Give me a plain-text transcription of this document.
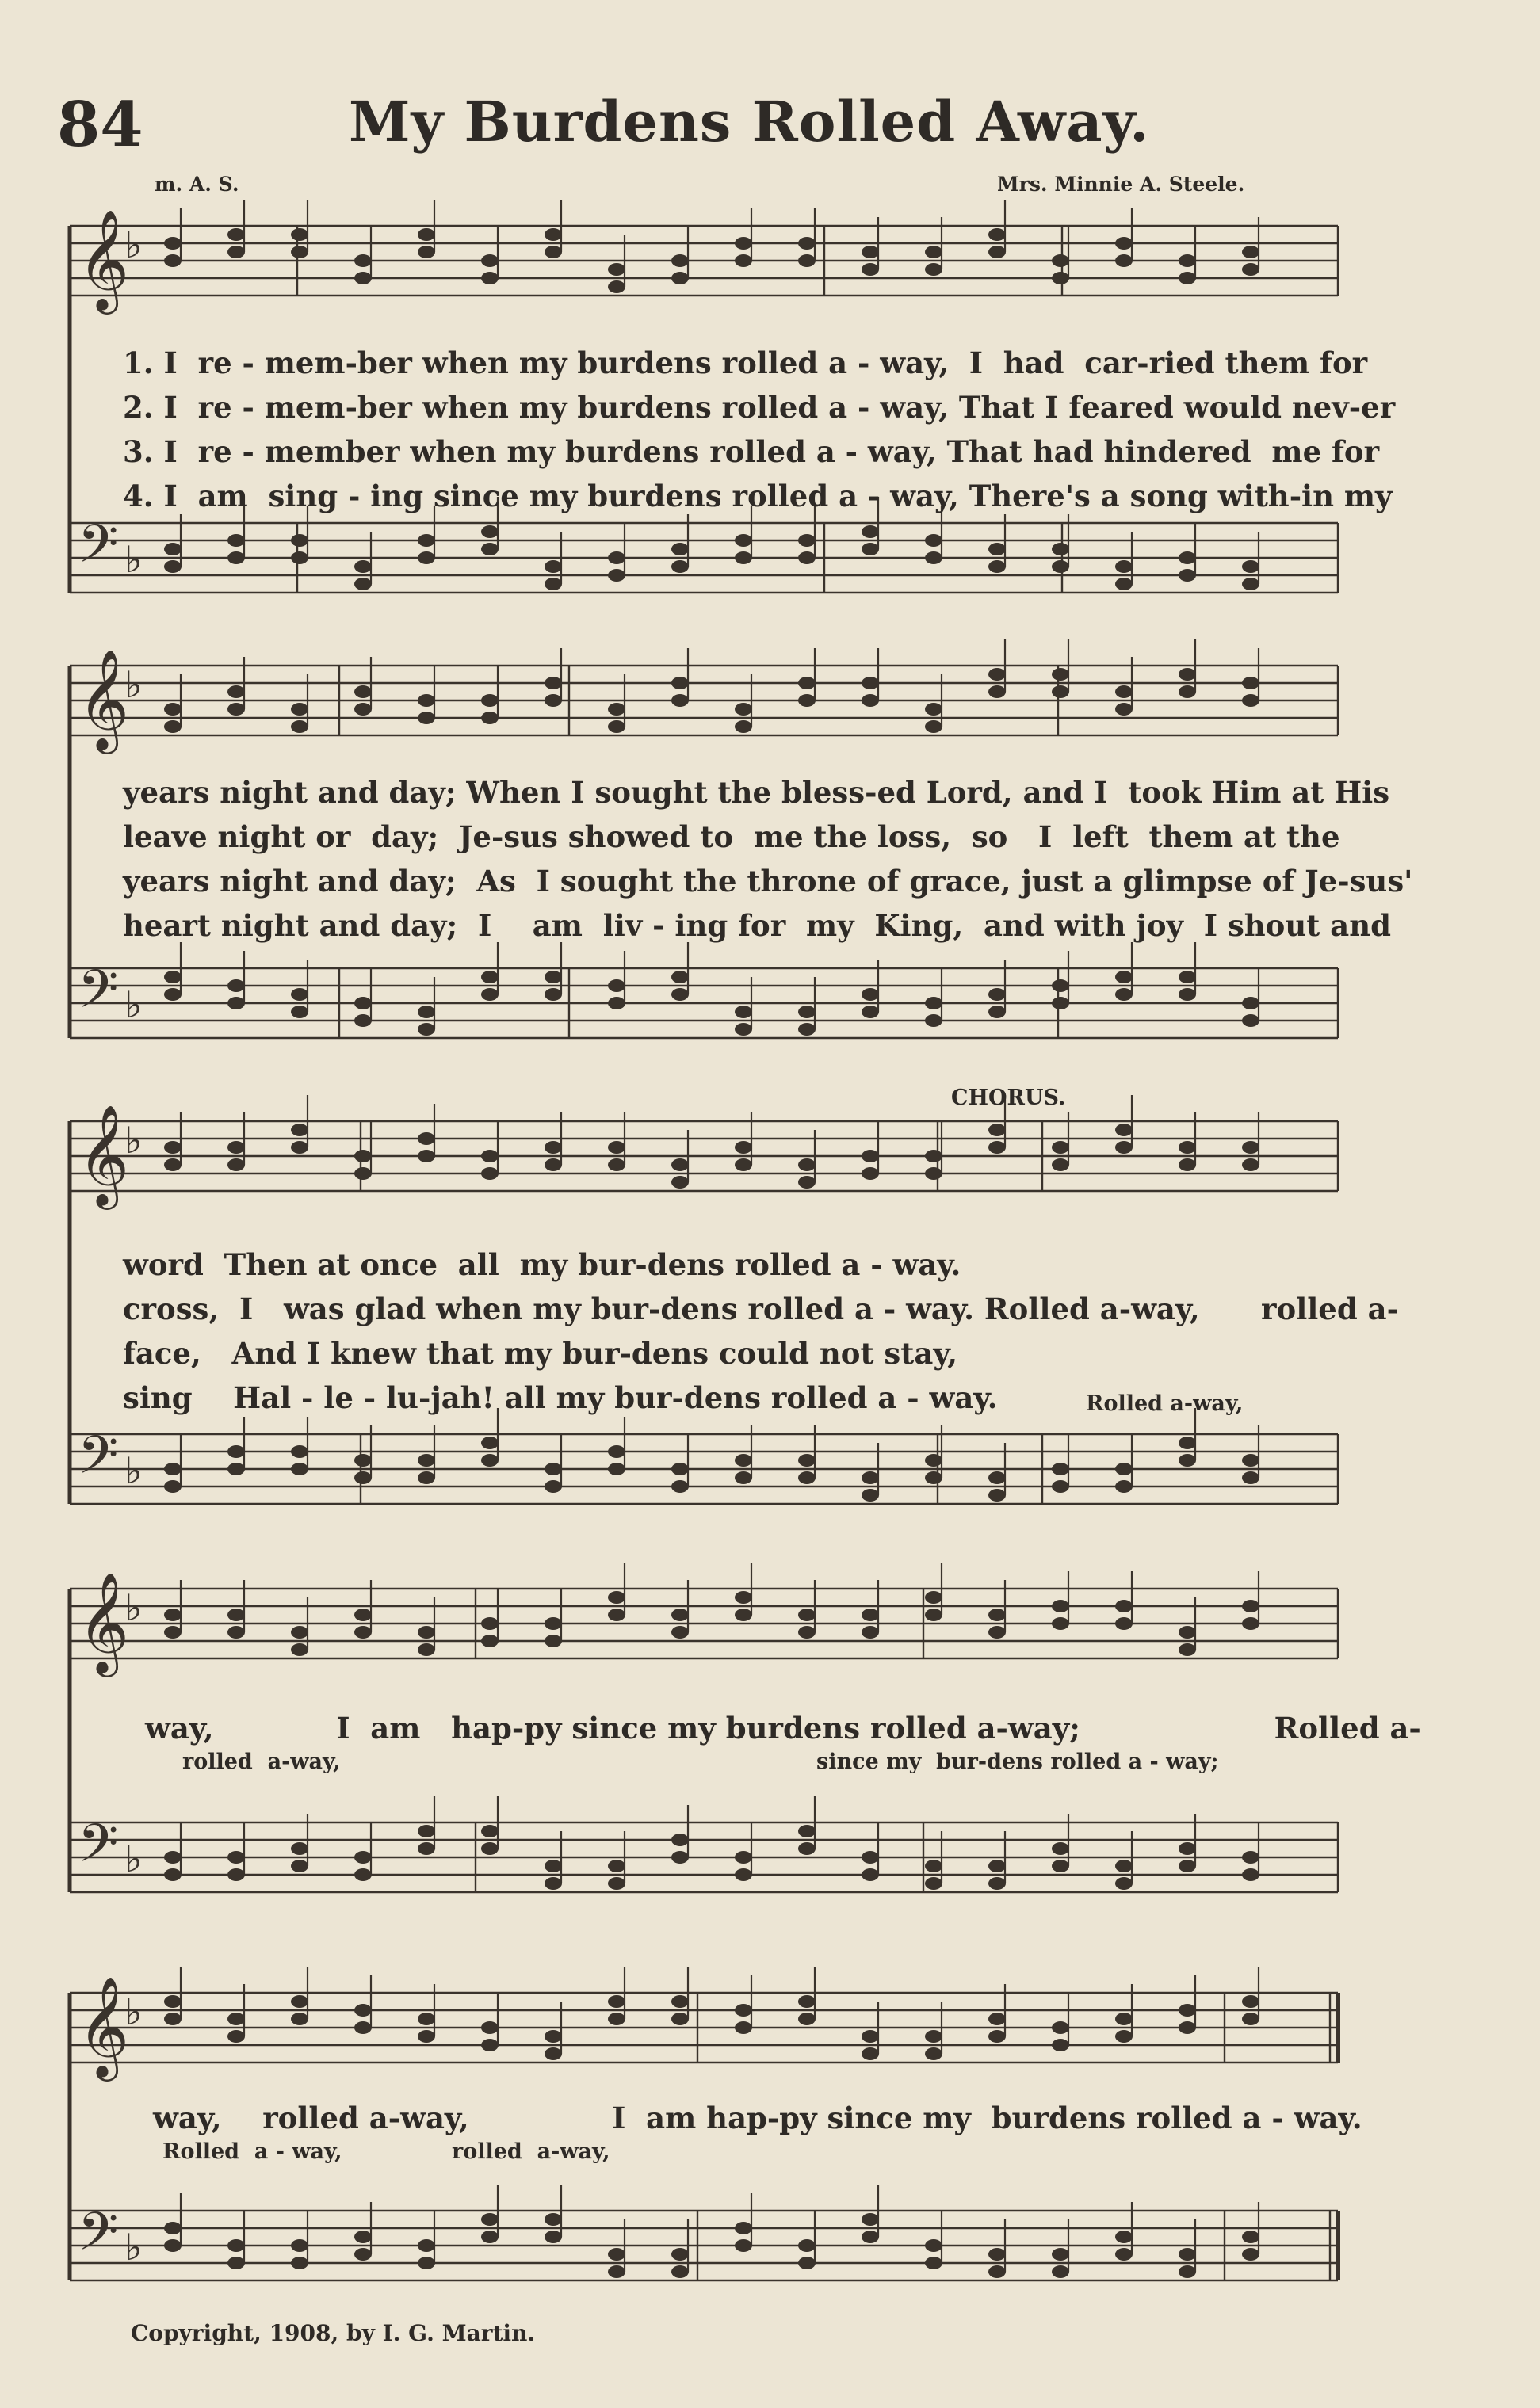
84	My Burdens Rolled Away.
m. A. S.	Mrs. Minnie A. Steele.
𝄞
♭
𝄢 ♭
𝄞
♭
𝄢 ♭
𝄞
♭
𝄢 ♭
𝄞
♭
𝄢 ♭
𝄞
♭
𝄢 ♭
1. I  re - mem-ber when my burdens rolled a - way,  I  had  car-ried them for
2. I  re - mem-ber when my burdens rolled a - way, That I feared would nev-er
3. I  re - member when my burdens rolled a - way, That had hindered  me for
4. I  am  sing - ing since my burdens rolled a - way, There's a song with-in my
years night and day; When I sought the bless-ed Lord, and I  took Him at His
leave night or  day;  Je-sus showed to  me the loss,  so   I  left  them at the
years night and day;  As  I sought the throne of grace, just a glimpse of Je-sus'
heart night and day;  I    am  liv - ing for  my  King,  and with joy  I shout and
CHORUS.
word  Then at once  all  my bur-dens rolled a - way.
cross,  I   was glad when my bur-dens rolled a - way. Rolled a-way,      rolled a-
face,   And I knew that my bur-dens could not stay,
sing    Hal - le - lu-jah! all my bur-dens rolled a - way.	Rolled a-way,
way,            I  am   hap-py since my burdens rolled a-way;                   Rolled a-
rolled  a-way,	since my  bur-dens rolled a - way;
way,    rolled a-way,              I  am hap-py since my  burdens rolled a - way.
Rolled  a - way,	rolled  a-way,
Copyright, 1908, by I. G. Martin.
